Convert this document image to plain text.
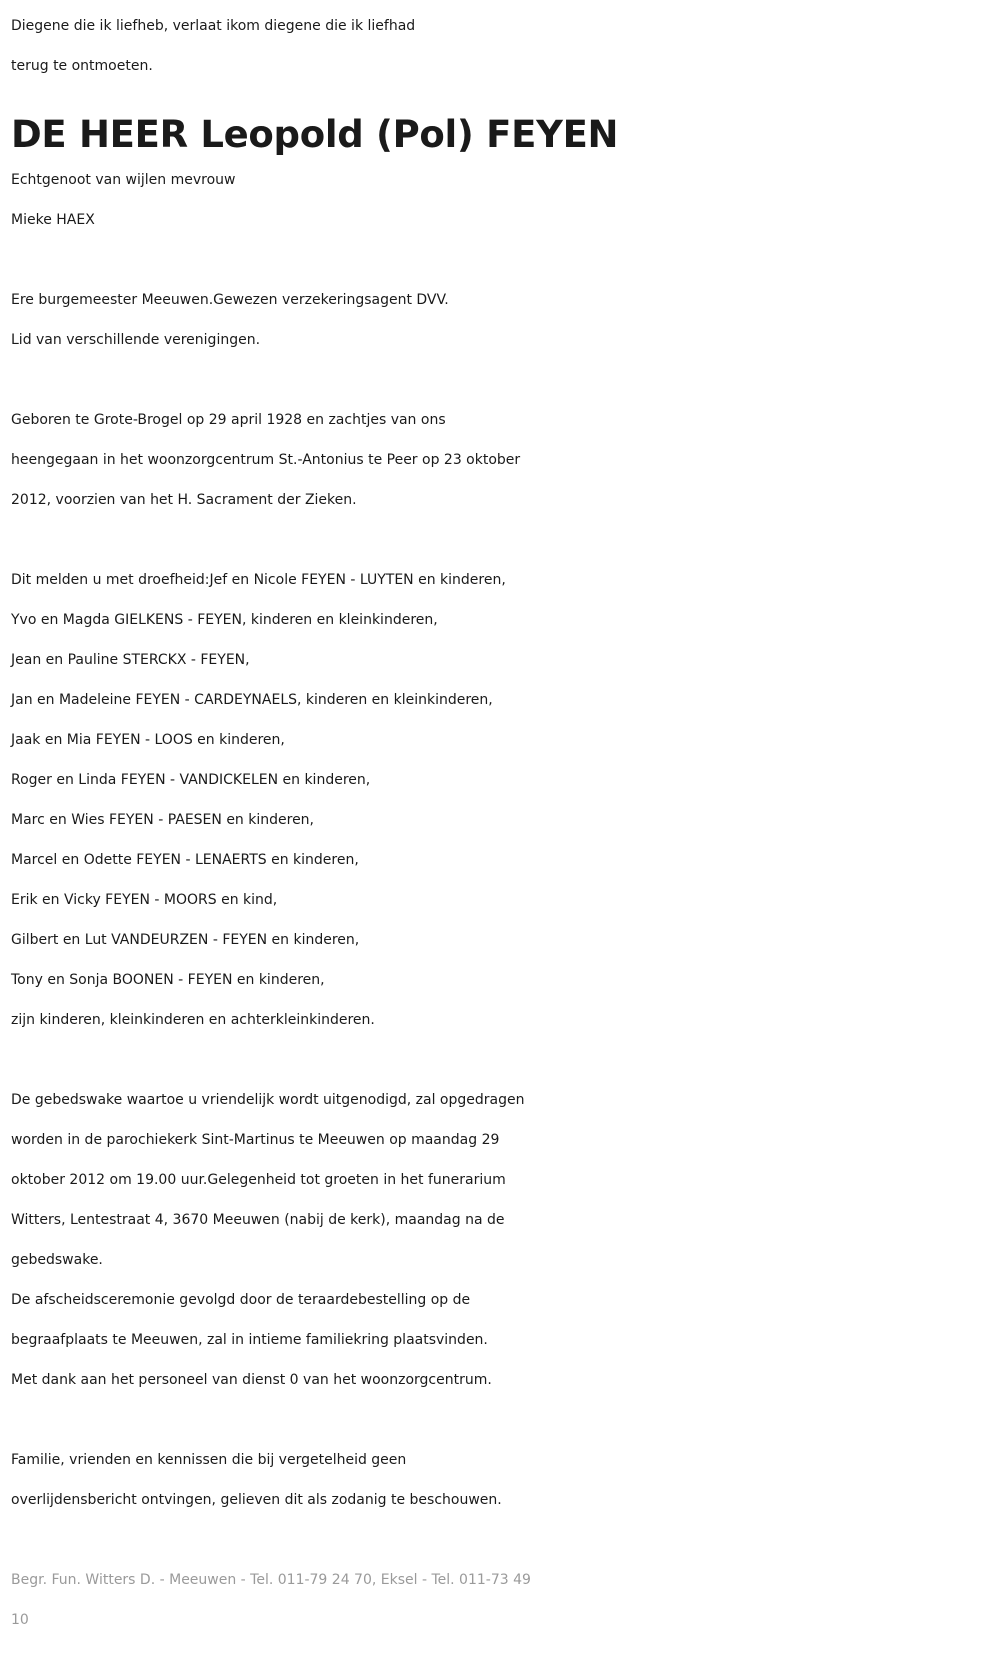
Diegene die ik liefheb, verlaat ikom diegene die ik liefhad
terug te ontmoeten.

DE HEER Leopold (Pol) FEYEN

Echtgenoot van wijlen mevrouw
Mieke HAEX

Ere burgemeester Meeuwen.Gewezen verzekeringsagent DVV.
Lid van verschillende verenigingen.

Geboren te Grote-Brogel op 29 april 1928 en zachtjes van ons
heengegaan in het woonzorgcentrum St.-Antonius te Peer op 23 oktober
2012, voorzien van het H. Sacrament der Zieken.

Dit melden u met droefheid:Jef en Nicole FEYEN - LUYTEN en kinderen,
Yvo en Magda GIELKENS - FEYEN, kinderen en kleinkinderen,
Jean en Pauline STERCKX - FEYEN,
Jan en Madeleine FEYEN - CARDEYNAELS, kinderen en kleinkinderen,
Jaak en Mia FEYEN - LOOS en kinderen,
Roger en Linda FEYEN - VANDICKELEN en kinderen,
Marc en Wies FEYEN - PAESEN en kinderen,
Marcel en Odette FEYEN - LENAERTS en kinderen,
Erik en Vicky FEYEN - MOORS en kind,
Gilbert en Lut VANDEURZEN - FEYEN en kinderen,
Tony en Sonja BOONEN - FEYEN en kinderen,
zijn kinderen, kleinkinderen en achterkleinkinderen.

De gebedswake waartoe u vriendelijk wordt uitgenodigd, zal opgedragen
worden in de parochiekerk Sint-Martinus te Meeuwen op maandag 29
oktober 2012 om 19.00 uur.Gelegenheid tot groeten in het funerarium
Witters, Lentestraat 4, 3670 Meeuwen (nabij de kerk), maandag na de
gebedswake.
De afscheidsceremonie gevolgd door de teraardebestelling op de
begraafplaats te Meeuwen, zal in intieme familiekring plaatsvinden.
Met dank aan het personeel van dienst 0 van het woonzorgcentrum.

Familie, vrienden en kennissen die bij vergetelheid geen
overlijdensbericht ontvingen, gelieven dit als zodanig te beschouwen.

Begr. Fun. Witters D. - Meeuwen - Tel. 011-79 24 70, Eksel - Tel. 011-73 49
10
